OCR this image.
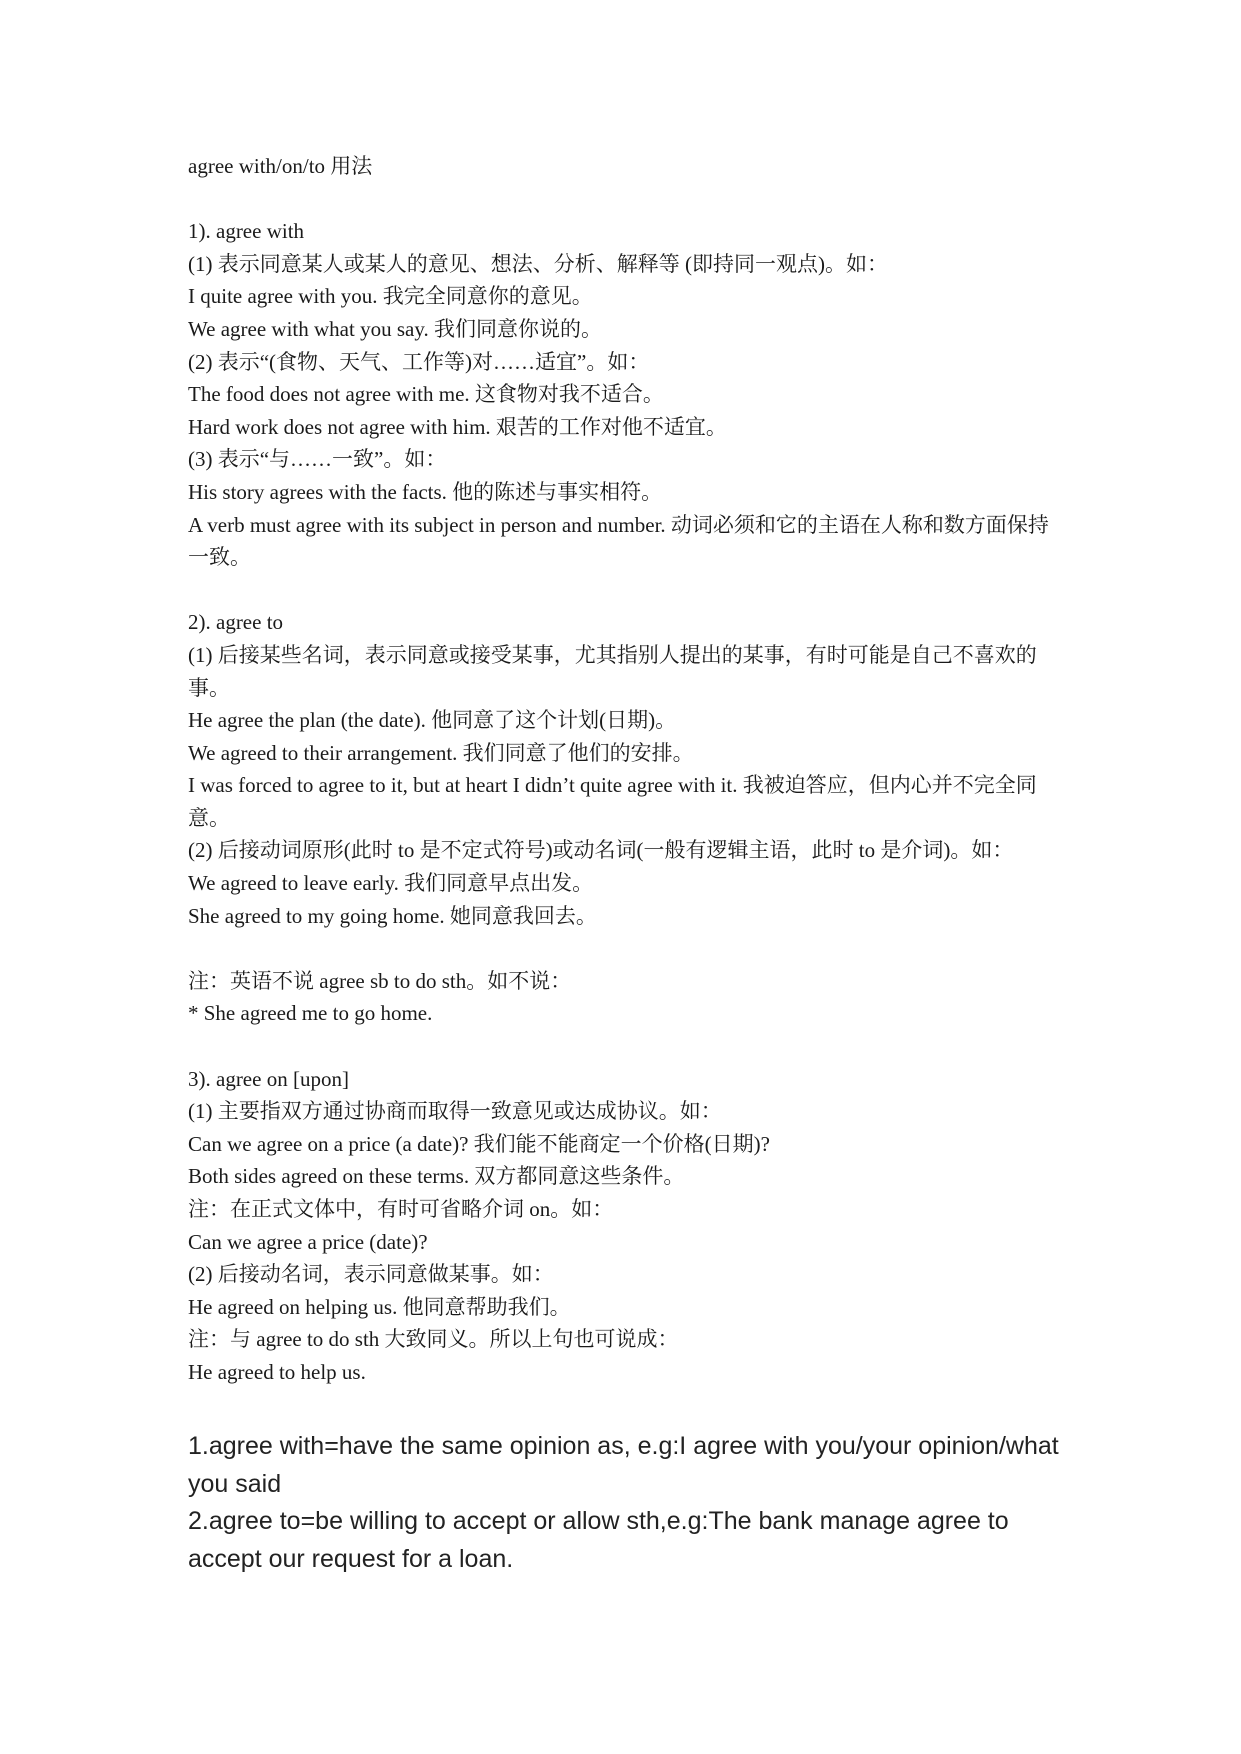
agree with/on/to 用法
1). agree with
(1) 表示同意某人或某人的意见、想法、分析、解释等 (即持同一观点)。如：
I quite agree with you. 我完全同意你的意见。
We agree with what you say. 我们同意你说的。
(2) 表示“(食物、天气、工作等)对……适宜”。如：
The food does not agree with me. 这食物对我不适合。
Hard work does not agree with him. 艰苦的工作对他不适宜。
(3) 表示“与……一致”。如：
His story agrees with the facts. 他的陈述与事实相符。
A verb must agree with its subject in person and number. 动词必须和它的主语在人称和数方面保持一致。
2). agree to
(1) 后接某些名词，表示同意或接受某事，尤其指别人提出的某事，有时可能是自己不喜欢的事。
He agree the plan (the date). 他同意了这个计划(日期)。
We agreed to their arrangement. 我们同意了他们的安排。
I was forced to agree to it, but at heart I didn’t quite agree with it. 我被迫答应，但内心并不完全同意。
(2) 后接动词原形(此时 to 是不定式符号)或动名词(一般有逻辑主语，此时 to 是介词)。如：
We agreed to leave early. 我们同意早点出发。
She agreed to my going home. 她同意我回去。
注：英语不说 agree sb to do sth。如不说：
* She agreed me to go home.
3). agree on [upon]
(1) 主要指双方通过协商而取得一致意见或达成协议。如：
Can we agree on a price (a date)? 我们能不能商定一个价格(日期)?
Both sides agreed on these terms. 双方都同意这些条件。
注：在正式文体中，有时可省略介词 on。如：
Can we agree a price (date)?
(2) 后接动名词，表示同意做某事。如：
He agreed on helping us. 他同意帮助我们。
注：与 agree to do sth 大致同义。所以上句也可说成：
He agreed to help us.

1.agree with=have the same opinion as, e.g:I agree with you/your opinion/what you said

2.agree to=be willing to accept or allow sth,e.g:The bank manage agree to accept our request for a loan.
